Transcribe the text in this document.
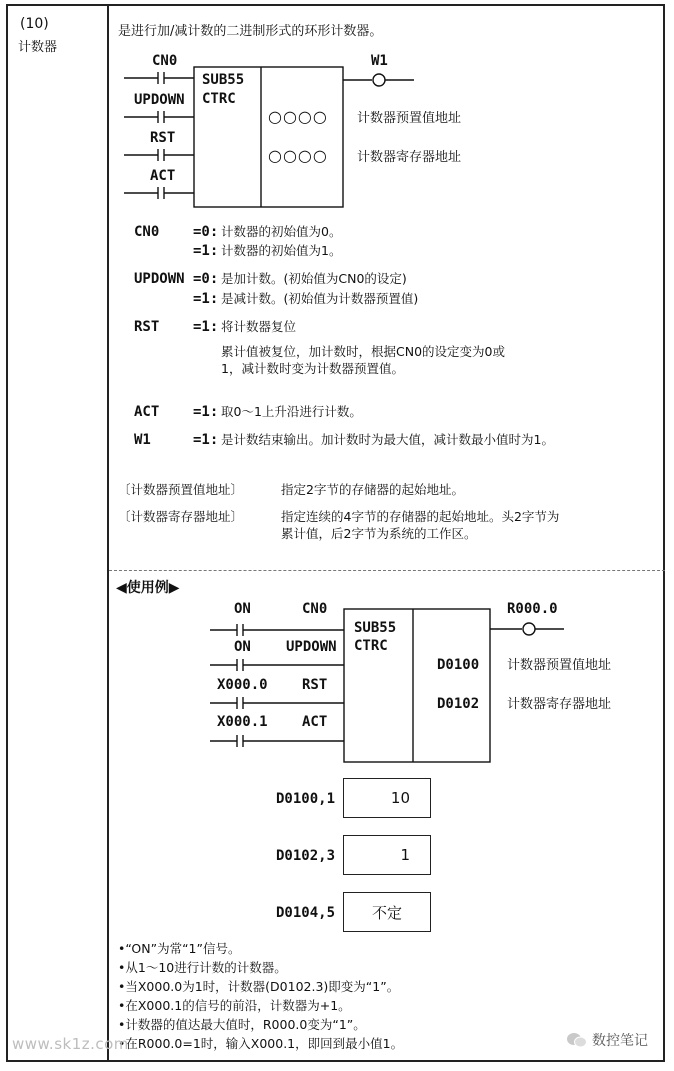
(10)
计数器
是进行加/减计数的二进制形式的环形计数器。
CN0
UPDOWN
RST
ACT
SUB55
CTRC
W1
○○○○
○○○○
计数器预置值地址
计数器寄存器地址
CN0 =0: 计数器的初始值为0。
=1: 计数器的初始值为1。
UPDOWN =0: 是加计数。(初始值为CN0的设定)
=1: 是减计数。(初始值为计数器预置值)
RST =1: 将计数器复位
累计值被复位，加计数时，根据CN0的设定变为0或
1，减计数时变为计数器预置值。
ACT =1: 取0～1上升沿进行计数。
W1	=1: 是计数结束输出。加计数时为最大值，减计数最小值时为1。
〔计数器预置值地址〕	指定2字节的存储器的起始地址。
〔计数器寄存器地址〕	指定连续的4字节的存储器的起始地址。头2字节为
累计值，后2字节为系统的工作区。
◀使用例▶
ON
ON
X000.0
X000.1
CN0
UPDOWN
RST
ACT
SUB55
CTRC
R000.0
D0100
D0102
计数器预置值地址
计数器寄存器地址
D0100,1	10
D0102,3	1
D0104,5	不定
•“ON”为常“1”信号。
•从1～10进行计数的计数器。
•当X000.0为1时，计数器(D0102.3)即变为“1”。
•在X000.1的信号的前沿，计数器为+1。
•计数器的值达最大值时，R000.0变为“1”。
•在R000.0=1时，输入X000.1，即回到最小值1。
www.sk1z.com	数控笔记
